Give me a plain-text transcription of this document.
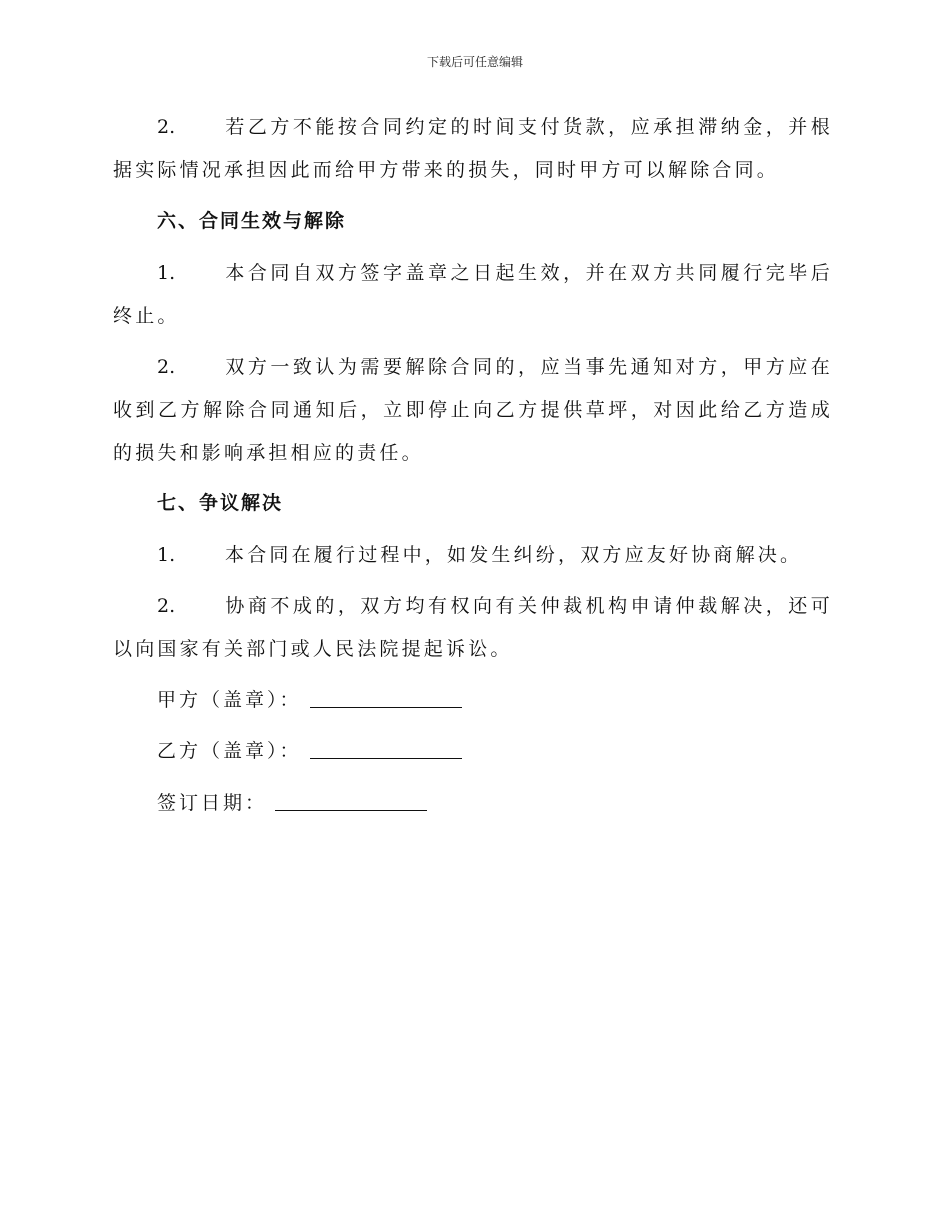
下载后可任意编辑
2.	若乙方不能按合同约定的时间支付货款，应承担滞纳金，并根据实际情况承担因此而给甲方带来的损失，同时甲方可以解除合同。
六、合同生效与解除
1.	本合同自双方签字盖章之日起生效，并在双方共同履行完毕后终止。
2.	双方一致认为需要解除合同的，应当事先通知对方，甲方应在收到乙方解除合同通知后，立即停止向乙方提供草坪，对因此给乙方造成的损失和影响承担相应的责任。
七、争议解决
1.	本合同在履行过程中，如发生纠纷，双方应友好协商解决。
2.	协商不成的，双方均有权向有关仲裁机构申请仲裁解决，还可以向国家有关部门或人民法院提起诉讼。
甲方（盖章）：
乙方（盖章）：
签订日期：
